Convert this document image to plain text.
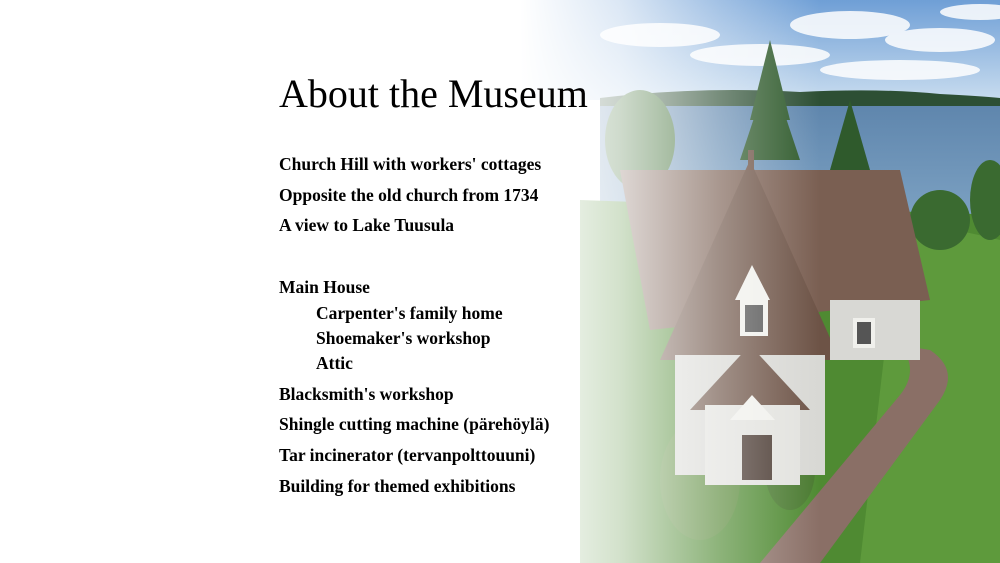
About the Museum
Church Hill with workers' cottages
Opposite the old church from 1734
A view to Lake Tuusula
Main House
Carpenter's family home
Shoemaker's workshop
Attic
Blacksmith's workshop
Shingle cutting machine (pärehöylä)
Tar incinerator (tervanpolttouuni)
Building for themed exhibitions
